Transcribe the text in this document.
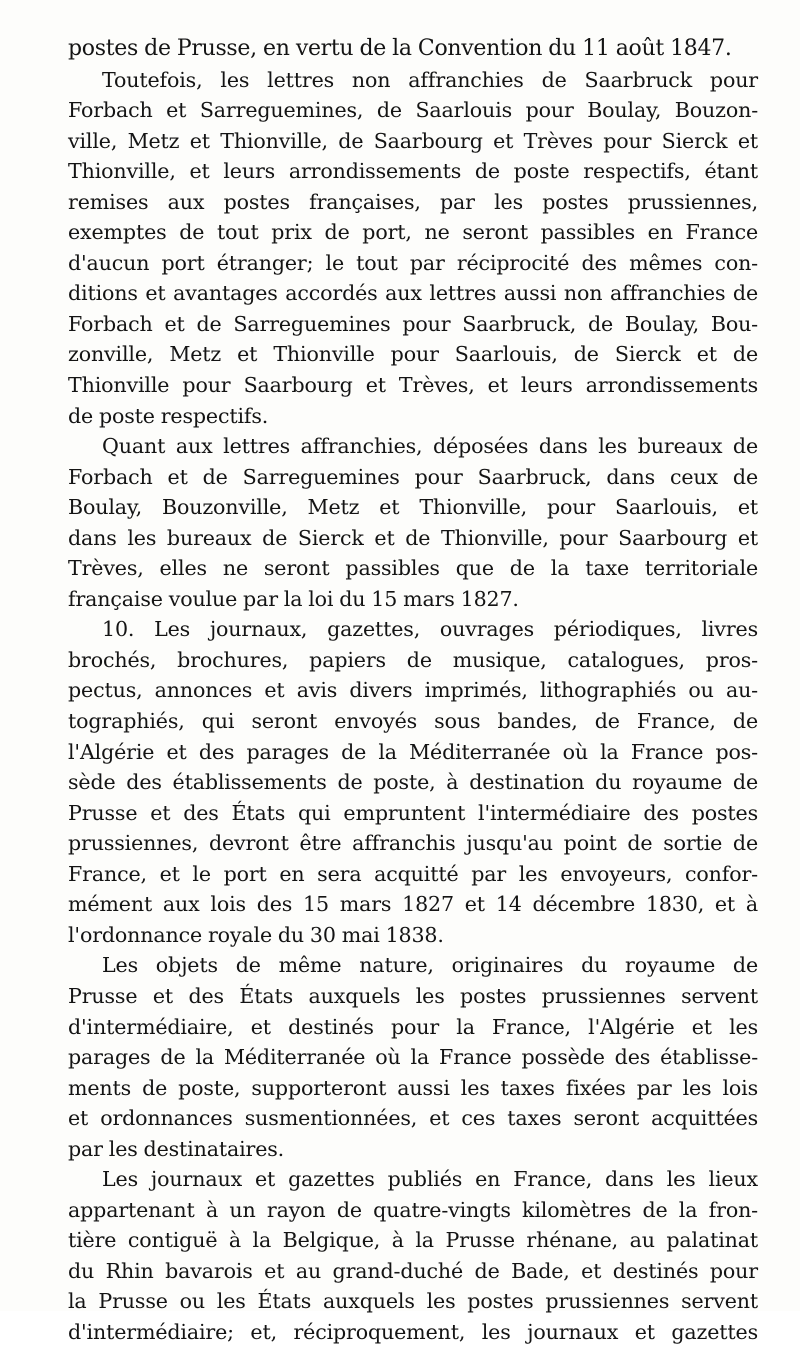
postes de Prusse, en vertu de la Convention du 11 août 1847.
Toutefois, les lettres non affranchies de Saarbruck pour
Forbach et Sarreguemines, de Saarlouis pour Boulay, Bouzon-
ville, Metz et Thionville, de Saarbourg et Trèves pour Sierck et
Thionville, et leurs arrondissements de poste respectifs, étant
remises aux postes françaises, par les postes prussiennes,
exemptes de tout prix de port, ne seront passibles en France
d'aucun port étranger; le tout par réciprocité des mêmes con-
ditions et avantages accordés aux lettres aussi non affranchies de
Forbach et de Sarreguemines pour Saarbruck, de Boulay, Bou-
zonville, Metz et Thionville pour Saarlouis, de Sierck et de
Thionville pour Saarbourg et Trèves, et leurs arrondissements
de poste respectifs.
Quant aux lettres affranchies, déposées dans les bureaux de
Forbach et de Sarreguemines pour Saarbruck, dans ceux de
Boulay, Bouzonville, Metz et Thionville, pour Saarlouis, et
dans les bureaux de Sierck et de Thionville, pour Saarbourg et
Trèves, elles ne seront passibles que de la taxe territoriale
française voulue par la loi du 15 mars 1827.
10. Les journaux, gazettes, ouvrages périodiques, livres
brochés, brochures, papiers de musique, catalogues, pros-
pectus, annonces et avis divers imprimés, lithographiés ou au-
tographiés, qui seront envoyés sous bandes, de France, de
l'Algérie et des parages de la Méditerranée où la France pos-
sède des établissements de poste, à destination du royaume de
Prusse et des États qui empruntent l'intermédiaire des postes
prussiennes, devront être affranchis jusqu'au point de sortie de
France, et le port en sera acquitté par les envoyeurs, confor-
mément aux lois des 15 mars 1827 et 14 décembre 1830, et à
l'ordonnance royale du 30 mai 1838.
Les objets de même nature, originaires du royaume de
Prusse et des États auxquels les postes prussiennes servent
d'intermédiaire, et destinés pour la France, l'Algérie et les
parages de la Méditerranée où la France possède des établisse-
ments de poste, supporteront aussi les taxes fixées par les lois
et ordonnances susmentionnées, et ces taxes seront acquittées
par les destinataires.
Les journaux et gazettes publiés en France, dans les lieux
appartenant à un rayon de quatre-vingts kilomètres de la fron-
tière contiguë à la Belgique, à la Prusse rhénane, au palatinat
du Rhin bavarois et au grand-duché de Bade, et destinés pour
la Prusse ou les États auxquels les postes prussiennes servent
d'intermédiaire; et, réciproquement, les journaux et gazettes
